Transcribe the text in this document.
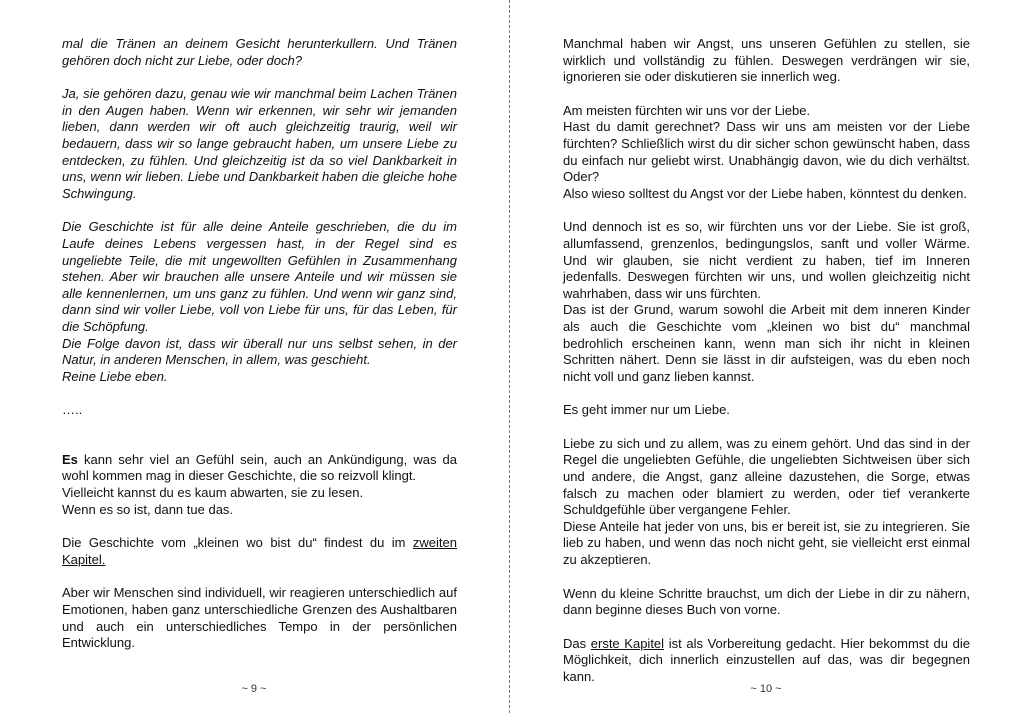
mal die Tränen an deinem Gesicht herunterkullern. Und Tränen gehören doch nicht zur Liebe, oder doch?

Ja, sie gehören dazu, genau wie wir manchmal beim Lachen Tränen in den Augen haben. Wenn wir erkennen, wir sehr wir jemanden lieben, dann werden wir oft auch gleichzeitig traurig, weil wir bedauern, dass wir so lange gebraucht haben, um unsere Liebe zu entdecken, zu fühlen. Und gleichzeitig ist da so viel Dankbarkeit in uns, wenn wir lieben. Liebe und Dankbarkeit haben die gleiche hohe Schwingung.

Die Geschichte ist für alle deine Anteile geschrieben, die du im Laufe deines Lebens vergessen hast, in der Regel sind es ungeliebte Teile, die mit ungewollten Gefühlen in Zusammenhang stehen. Aber wir brauchen alle unsere Anteile und wir müssen sie alle kennenlernen, um uns ganz zu fühlen. Und wenn wir ganz sind, dann sind wir voller Liebe, voll von Liebe für uns, für das Leben, für die Schöpfung.

Die Folge davon ist, dass wir überall nur uns selbst sehen, in der Natur, in anderen Menschen, in allem, was geschieht.

Reine Liebe eben.

…..

Es kann sehr viel an Gefühl sein, auch an Ankündigung, was da wohl kommen mag in dieser Geschichte, die so reizvoll klingt.

Vielleicht kannst du es kaum abwarten, sie zu lesen.

Wenn es so ist, dann tue das.

Die Geschichte vom „kleinen wo bist du“ findest du im zweiten Kapitel.

Aber wir Menschen sind individuell, wir reagieren unterschiedlich auf Emotionen, haben ganz unterschiedliche Grenzen des Aushaltbaren und auch ein unterschiedliches Tempo in der persönlichen Entwicklung.

~ 9 ~

Manchmal haben wir Angst, uns unseren Gefühlen zu stellen, sie wirklich und vollständig zu fühlen. Deswegen verdrängen wir sie, ignorieren sie oder diskutieren sie innerlich weg.

Am meisten fürchten wir uns vor der Liebe.

Hast du damit gerechnet? Dass wir uns am meisten vor der Liebe fürchten? Schließlich wirst du dir sicher schon gewünscht haben, dass du einfach nur geliebt wirst. Unabhängig davon, wie du dich verhältst. Oder?

Also wieso solltest du Angst vor der Liebe haben, könntest du denken.

Und dennoch ist es so, wir fürchten uns vor der Liebe. Sie ist groß, allumfassend, grenzenlos, bedingungslos, sanft und voller Wärme. Und wir glauben, sie nicht verdient zu haben, tief im Inneren jedenfalls. Deswegen fürchten wir uns, und wollen gleichzeitig nicht wahrhaben, dass wir uns fürchten.

Das ist der Grund, warum sowohl die Arbeit mit dem inneren Kinder als auch die Geschichte vom „kleinen wo bist du“ manchmal bedrohlich erscheinen kann, wenn man sich ihr nicht in kleinen Schritten nähert. Denn sie lässt in dir aufsteigen, was du eben noch nicht voll und ganz lieben kannst.

Es geht immer nur um Liebe.

Liebe zu sich und zu allem, was zu einem gehört. Und das sind in der Regel die ungeliebten Gefühle, die ungeliebten Sichtweisen über sich und andere, die Angst, ganz alleine dazustehen, die Sorge, etwas falsch zu machen oder blamiert zu werden, oder tief verankerte Schuldgefühle über vergangene Fehler.

Diese Anteile hat jeder von uns, bis er bereit ist, sie zu integrieren. Sie lieb zu haben, und wenn das noch nicht geht, sie vielleicht erst einmal zu akzeptieren.

Wenn du kleine Schritte brauchst, um dich der Liebe in dir zu nähern, dann beginne dieses Buch von vorne.

Das erste Kapitel ist als Vorbereitung gedacht. Hier bekommst du die Möglichkeit, dich innerlich einzustellen auf das, was dir begegnen kann.

~ 10 ~
